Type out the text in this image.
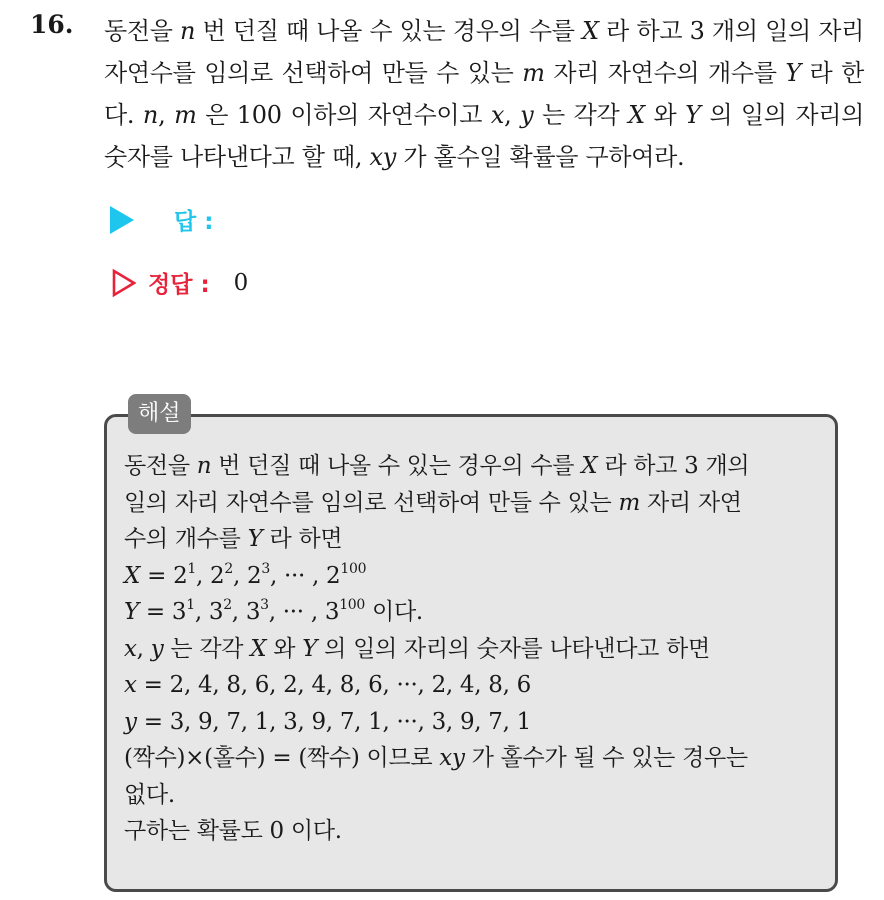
16. 동전을 n 번 던질 때 나올 수 있는 경우의 수를 X 라 하고 3 개의 일의 자리 자연수를 임의로 선택하여 만들 수 있는 m 자리 자연수의 개수를 Y 라 한다. n, m 은 100 이하의 자연수이고 x, y 는 각각 X 와 Y 의 일의 자리의 숫자를 나타낸다고 할 때, xy 가 홀수일 확률을 구하여라.
답 :
정답 : 0
해설
동전을 n 번 던질 때 나올 수 있는 경우의 수를 X 라 하고 3 개의
일의 자리 자연수를 임의로 선택하여 만들 수 있는 m 자리 자연
수의 개수를 Y 라 하면
$X = 2^1$, $2^2$, $2^3$, ··· , $2^{100}$
$Y = 3^1$, $3^2$, $3^3$, ··· , $3^{100}$ 이다.
x, y 는 각각 X 와 Y 의 일의 자리의 숫자를 나타낸다고 하면
x = 2, 4, 8, 6, 2, 4, 8, 6, ···, 2, 4, 8, 6
y = 3, 9, 7, 1, 3, 9, 7, 1, ···, 3, 9, 7, 1
(짝수)×(홀수) = (짝수) 이므로 xy 가 홀수가 될 수 있는 경우는
없다.
구하는 확률도 0 이다.
